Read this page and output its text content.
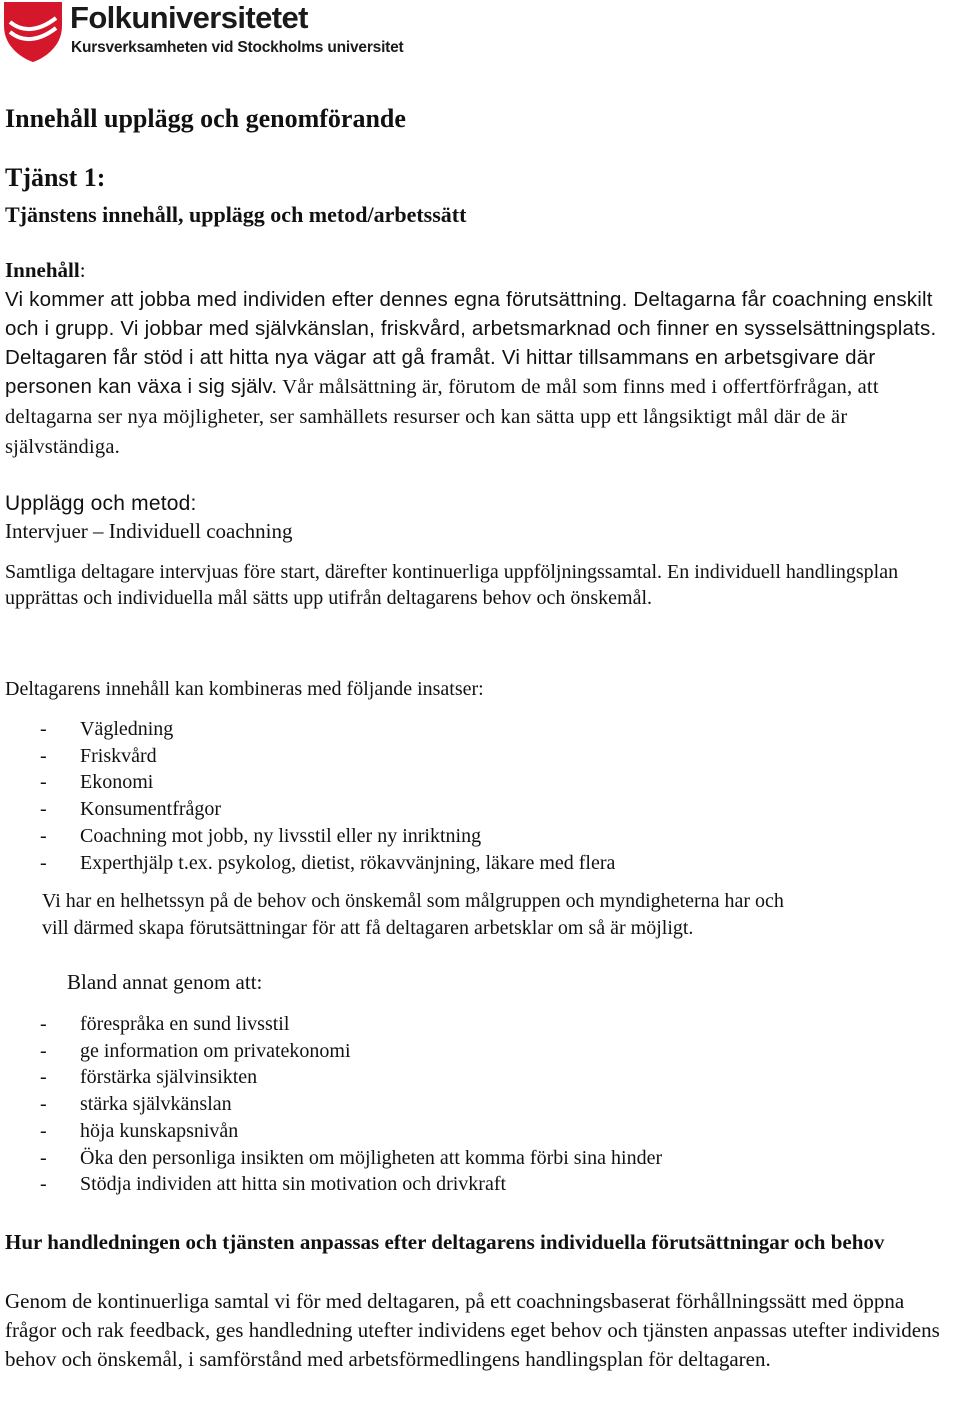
Folkuniversitetet
Kursverksamheten vid Stockholms universitet
Innehåll upplägg och genomförande
Tjänst 1:
Tjänstens innehåll, upplägg och metod/arbetssätt
Innehåll:
Vi kommer att jobba med individen efter dennes egna förutsättning. Deltagarna får coachning enskilt och i grupp. Vi jobbar med självkänslan, friskvård, arbetsmarknad och finner en sysselsättningsplats. Deltagaren får stöd i att hitta nya vägar att gå framåt. Vi hittar tillsammans en arbetsgivare där personen kan växa i sig själv. Vår målsättning är, förutom de mål som finns med i offertförfrågan, att deltagarna ser nya möjligheter, ser samhällets resurser och kan sätta upp ett långsiktigt mål där de är självständiga.
Upplägg och metod:
Intervjuer – Individuell coachning
Samtliga deltagare intervjuas före start, därefter kontinuerliga uppföljningssamtal. En individuell handlingsplan upprättas och individuella mål sätts upp utifrån deltagarens behov och önskemål.
Deltagarens innehåll kan kombineras med följande insatser:
- Vägledning
- Friskvård
- Ekonomi
- Konsumentfrågor
- Coachning mot jobb, ny livsstil eller ny inriktning
- Experthjälp t.ex. psykolog, dietist, rökavvänjning, läkare med flera
Vi har en helhetssyn på de behov och önskemål som målgruppen och myndigheterna har och
vill därmed skapa förutsättningar för att få deltagaren arbetsklar om så är möjligt.
Bland annat genom att:
- förespråka en sund livsstil
- ge information om privatekonomi
- förstärka självinsikten
- stärka självkänslan
- höja kunskapsnivån
- Öka den personliga insikten om möjligheten att komma förbi sina hinder
- Stödja individen att hitta sin motivation och drivkraft
Hur handledningen och tjänsten anpassas efter deltagarens individuella förutsättningar och behov
Genom de kontinuerliga samtal vi för med deltagaren, på ett coachningsbaserat förhållningssätt med öppna frågor och rak feedback, ges handledning utefter individens eget behov och tjänsten anpassas utefter individens behov och önskemål, i samförstånd med arbetsförmedlingens handlingsplan för deltagaren.
